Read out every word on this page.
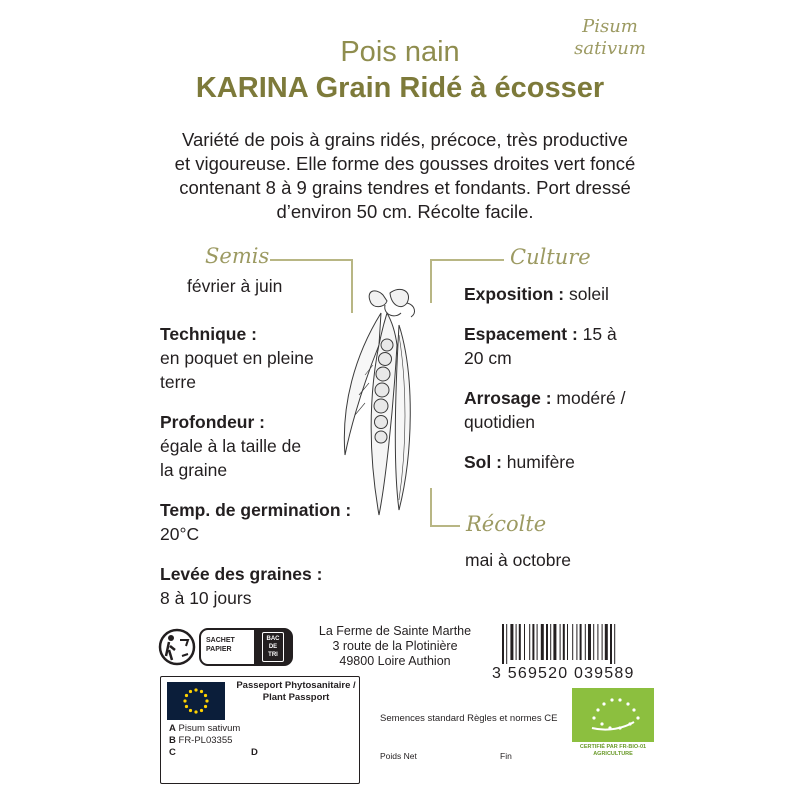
Pisum
sativum
Pois nain
KARINA Grain Ridé à écosser
Variété de pois à grains ridés, précoce, très productive
et vigoureuse. Elle forme des gousses droites vert foncé
contenant 8 à 9 grains tendres et fondants. Port dressé
d’environ 50 cm. Récolte facile.
Semis
février à juin
Technique :
en poquet en pleine
terre
Profondeur :
égale à la taille de
la graine
Temp. de germination :
20°C
Levée des graines :
8 à 10 jours
Culture
Exposition : soleil
Espacement : 15 à
20 cm
Arrosage : modéré /
quotidien
Sol : humifère
Récolte
mai à octobre
SACHET
PAPIER
BAC
DE
TRI
La Ferme de Sainte Marthe
3 route de la Plotinière
49800 Loire Authion
3 569520 039589
Passeport Phytosanitaire /
Plant Passport
A Pisum sativum
B FR-PL03355
C	D
Semences standard Règles et normes CE
Poids Net	Fin
CERTIFIÉ PAR FR-BIO-01
AGRICULTURE
